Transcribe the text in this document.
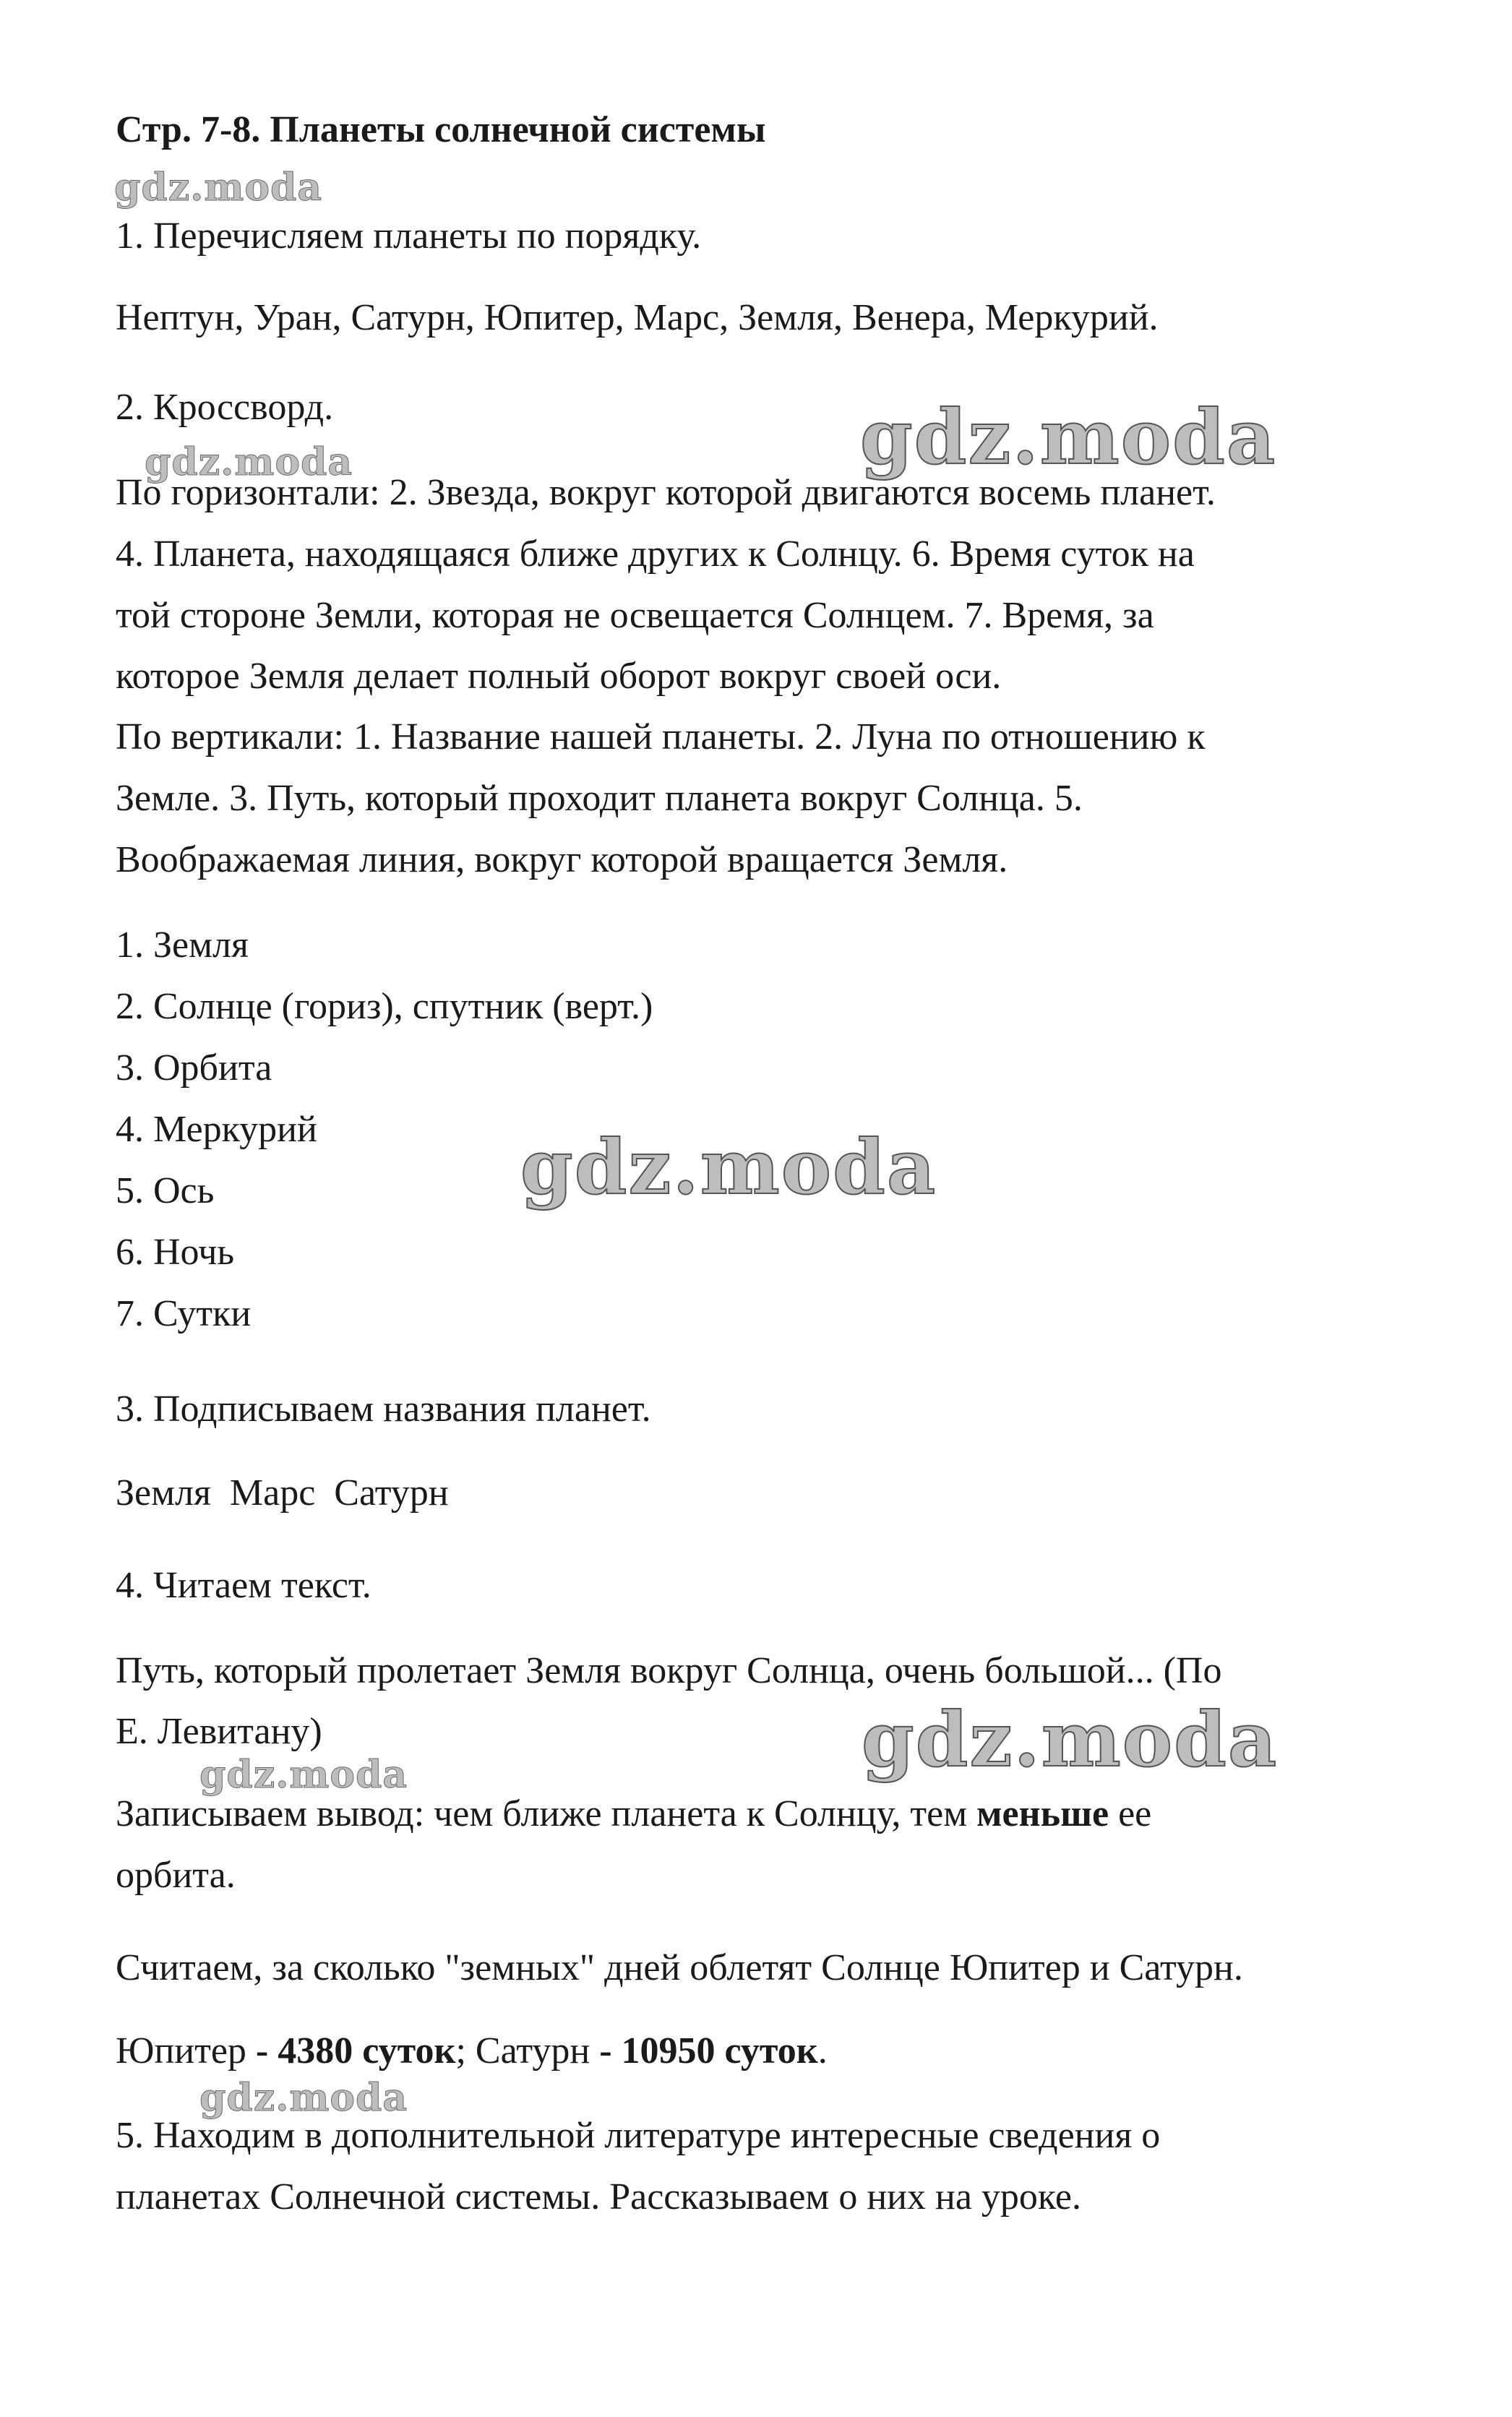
Стр. 7-8. Планеты солнечной системы
gdz.moda
1. Перечисляем планеты по порядку.
Нептун, Уран, Сатурн, Юпитер, Марс, Земля, Венера, Меркурий.
2. Кроссворд.	gdz.moda
gdz.moda
По горизонтали: 2. Звезда, вокруг которой двигаются восемь планет.
4. Планета, находящаяся ближе других к Солнцу. 6. Время суток на
той стороне Земли, которая не освещается Солнцем. 7. Время, за
которое Земля делает полный оборот вокруг своей оси.
По вертикали: 1. Название нашей планеты. 2. Луна по отношению к
Земле. 3. Путь, который проходит планета вокруг Солнца. 5.
Воображаемая линия, вокруг которой вращается Земля.
1. Земля
2. Солнце (гориз), спутник (верт.)
3. Орбита
4. Меркурий
5. Ось
6. Ночь
7. Сутки
gdz.moda
3. Подписываем названия планет.
Земля  Марс  Сатурн
4. Читаем текст.
Путь, который пролетает Земля вокруг Солнца, очень большой... (По
Е. Левитану)	gdz.moda
gdz.moda
Записываем вывод: чем ближе планета к Солнцу, тем меньше ее
орбита.
Считаем, за сколько "земных" дней облетят Солнце Юпитер и Сатурн.
Юпитер - 4380 суток; Сатурн - 10950 суток.
gdz.moda
5. Находим в дополнительной литературе интересные сведения о
планетах Солнечной системы. Рассказываем о них на уроке.
